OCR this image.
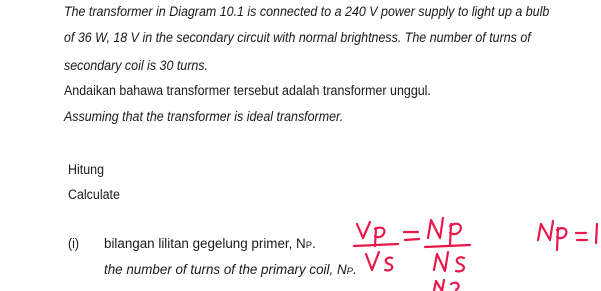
The transformer in Diagram 10.1 is connected to a 240 V power supply to light up a bulb
of 36 W, 18 V in the secondary circuit with normal brightness. The number of turns of
secondary coil is 30 turns.
Andaikan bahawa transformer tersebut adalah transformer unggul.
Assuming that the transformer is ideal transformer.
Hitung
Calculate
(i) bilangan lilitan gegelung primer, NP.
the number of turns of the primary coil, NP.
